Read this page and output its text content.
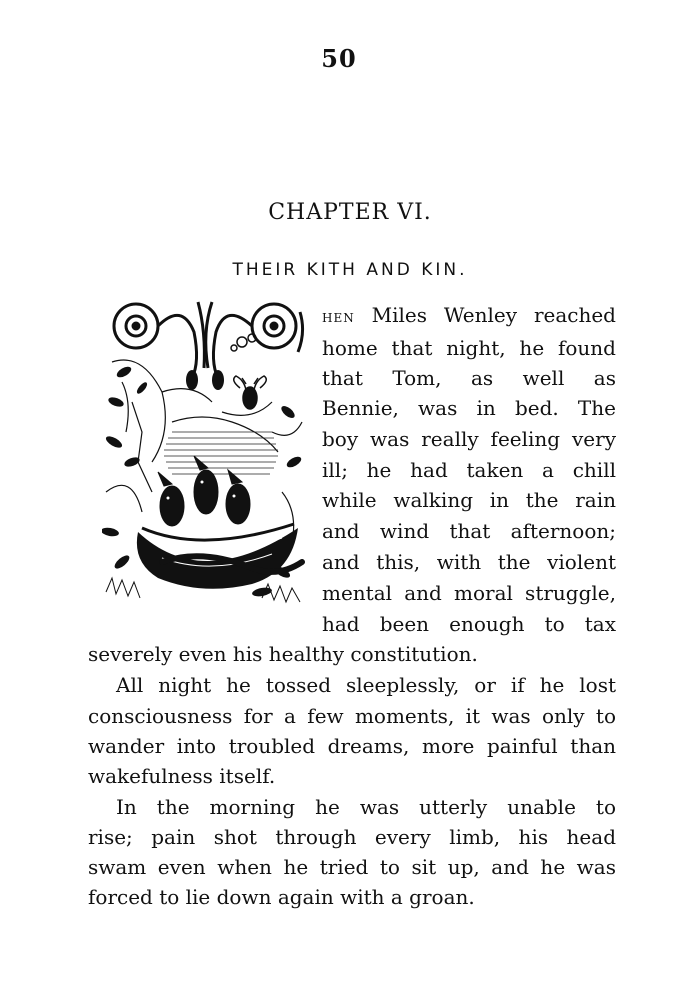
50
CHAPTER VI.
THEIR KITH AND KIN.
hen Miles Wenley reached
home that night, he found
that Tom, as well as
Bennie, was in bed. The
boy was really feeling very
ill; he had taken a chill
while walking in the rain
and wind that afternoon;
and this, with the violent
mental and moral struggle,
had been enough to tax
severely even his healthy constitution.
All night he tossed sleeplessly, or if he lost
consciousness for a few moments, it was only to
wander into troubled dreams, more painful than
wakefulness itself.
In the morning he was utterly unable to
rise; pain shot through every limb, his head
swam even when he tried to sit up, and he was
forced to lie down again with a groan.
